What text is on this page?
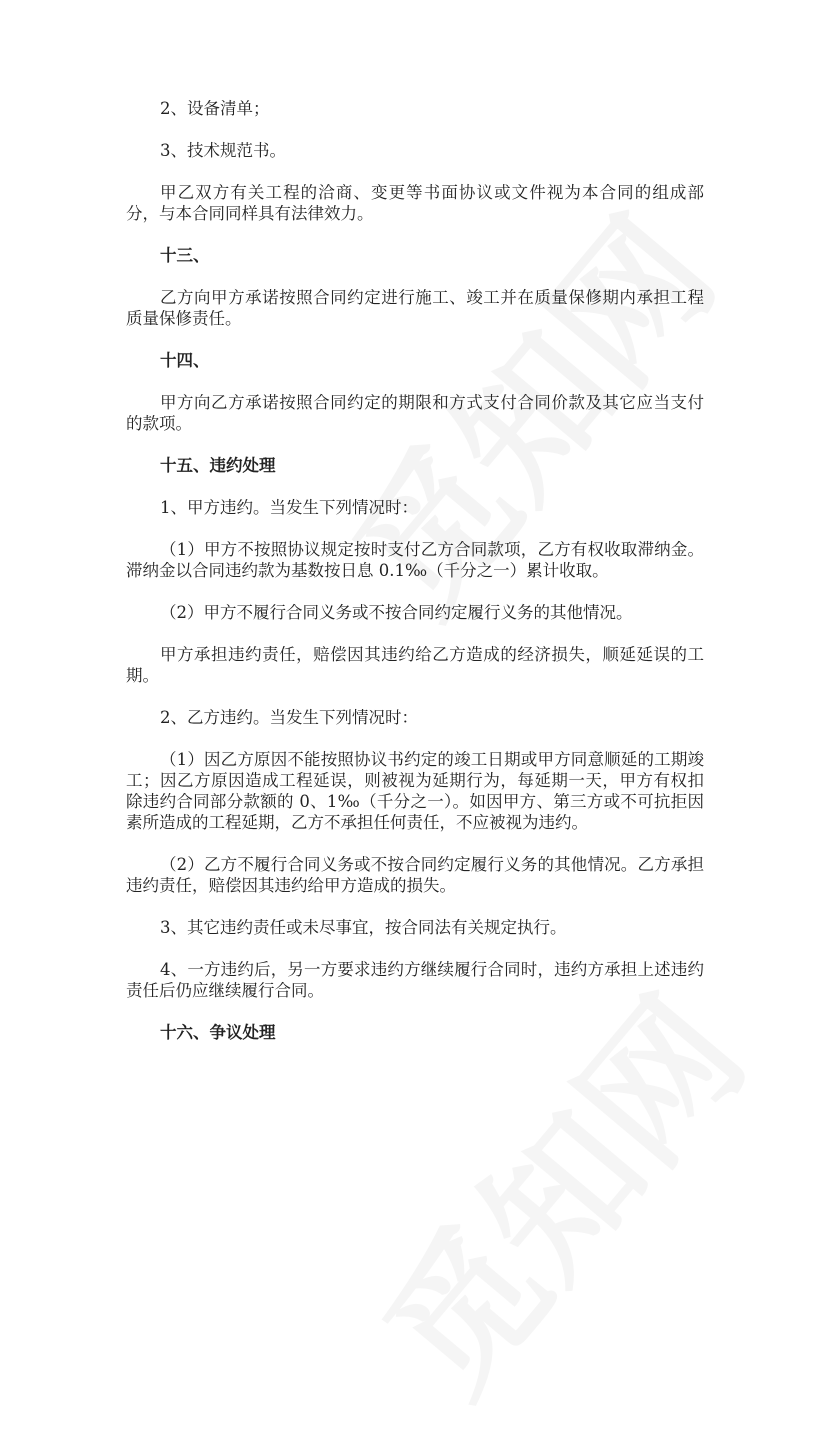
2、设备清单；

3、技术规范书。

甲乙双方有关工程的洽商、变更等书面协议或文件视为本合同的组成部
分，与本合同同样具有法律效力。

十三、

乙方向甲方承诺按照合同约定进行施工、竣工并在质量保修期内承担工程
质量保修责任。

十四、

甲方向乙方承诺按照合同约定的期限和方式支付合同价款及其它应当支付
的款项。

十五、违约处理

1、甲方违约。当发生下列情况时：

（1）甲方不按照协议规定按时支付乙方合同款项，乙方有权收取滞纳金。
滞纳金以合同违约款为基数按日息 0.1‰（千分之一）累计收取。

（2）甲方不履行合同义务或不按合同约定履行义务的其他情况。

甲方承担违约责任，赔偿因其违约给乙方造成的经济损失，顺延延误的工
期。

2、乙方违约。当发生下列情况时：

（1）因乙方原因不能按照协议书约定的竣工日期或甲方同意顺延的工期竣
工；因乙方原因造成工程延误，则被视为延期行为，每延期一天，甲方有权扣
除违约合同部分款额的 0、1‰（千分之一）。如因甲方、第三方或不可抗拒因
素所造成的工程延期，乙方不承担任何责任，不应被视为违约。

（2）乙方不履行合同义务或不按合同约定履行义务的其他情况。乙方承担
违约责任，赔偿因其违约给甲方造成的损失。

3、其它违约责任或未尽事宜，按合同法有关规定执行。

4、一方违约后，另一方要求违约方继续履行合同时，违约方承担上述违约
责任后仍应继续履行合同。

十六、争议处理
